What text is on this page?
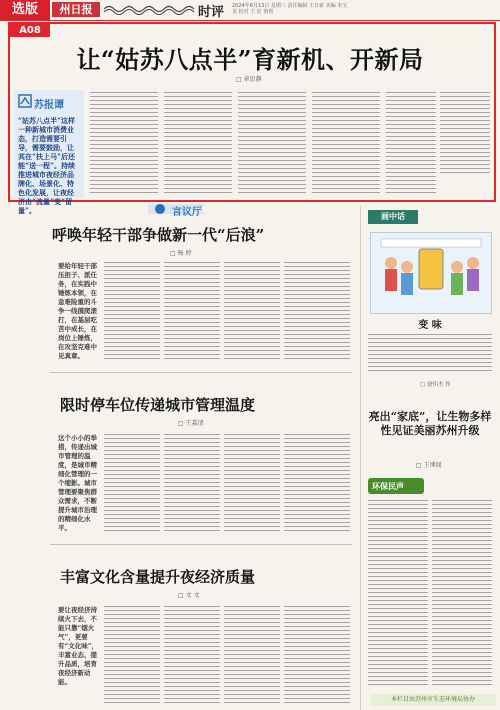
选版	州日报	时评 2024年6月13日 星期三 责任编辑 王日新 美编 朱宝龙 校对 王 征 值班
A08
让“姑苏八点半”育新机、开新局
□ 章思静
苏报谭
“姑苏八点半”这样一种新城市消费业态，打造需要引导，需要鼓励，让其在“扶上马”后还能“送一程”。持续推进城市夜经济品牌化、场景化、特色化发展，让夜经济由“流量”变“留量”。	言议厅
呼唤年轻干部争做新一代“后浪”
□ 杨 婷
要给年轻干部压担子、派任务，在实践中锤炼本领，在急难险重的斗争一线摸爬滚打，在基层吃苦中成长，在岗位上锤炼，在攻坚克难中见真章。
限时停车位传递城市管理温度
□ 王嘉清
这个小小的举措，传递出城市管理的温度，是城市精细化管理的一个缩影。城市管理要聚焦群众需求，不断提升城市治理的精细化水平。
丰富文化含量提升夜经济质量
□ 文 文
要让夜经济持续火下去，不能只靠“烟火气”，更要有“文化味”，丰富业态、提升品质，培育夜经济新动能。
画中话
变 味
□ 徐伟杰 作
亮出“家底”，让生物多样性见证美丽苏州升级
□ 王博闻
环保民声
本栏目由苏州市生态环境局协办
